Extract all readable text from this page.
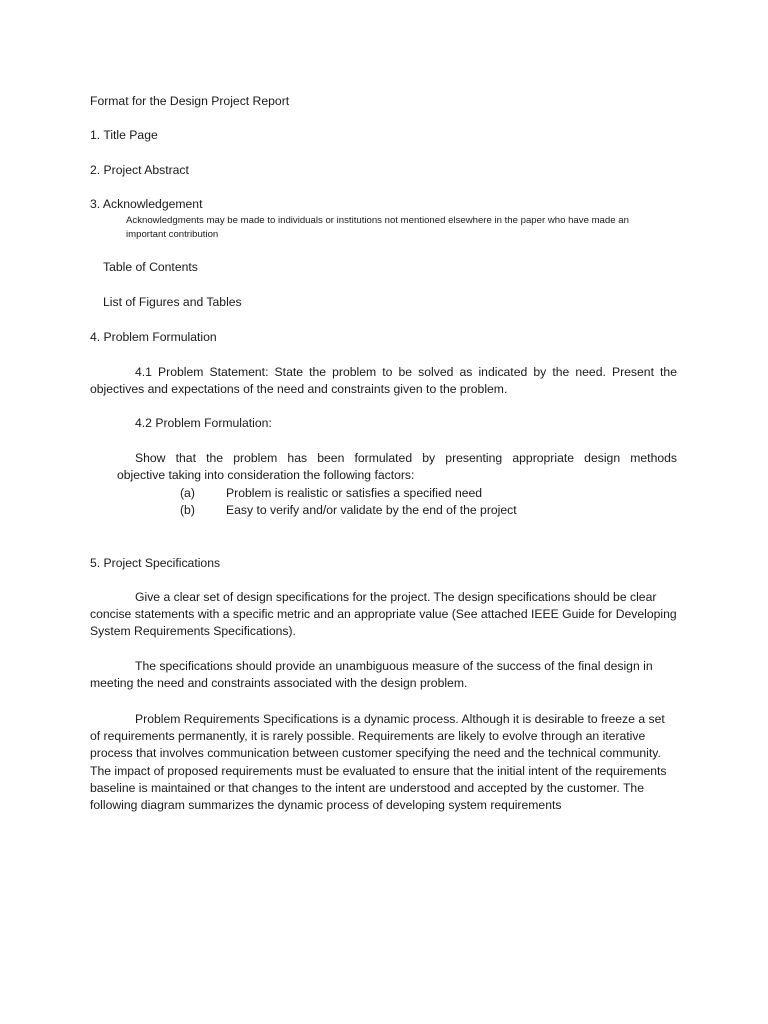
Format for the Design Project Report
1. Title Page
2. Project Abstract
3. Acknowledgement
Acknowledgments may be made to individuals or institutions not mentioned elsewhere in the paper who have made an
important contribution
Table of Contents
List of Figures and Tables
4. Problem Formulation
4.1 Problem Statement: State the problem to be solved as indicated by the need. Present the objectives and expectations of the need and constraints given to the problem.
4.2 Problem Formulation:
Show that the problem has been formulated by presenting appropriate design methods
objective taking into consideration the following factors:
(a)	Problem is realistic or satisfies a specified need
(b)	Easy to verify and/or validate by the end of the project
5. Project Specifications
Give a clear set of design specifications for the project. The design specifications should be clear concise statements with a specific metric and an appropriate value (See attached IEEE Guide for Developing System Requirements Specifications).
The specifications should provide an unambiguous measure of the success of the final design in meeting the need and constraints associated with the design problem.
Problem Requirements Specifications is a dynamic process. Although it is desirable to freeze a set of requirements permanently, it is rarely possible. Requirements are likely to evolve through an iterative process that involves communication between customer specifying the need and the technical community. The impact of proposed requirements must be evaluated to ensure that the initial intent of the requirements baseline is maintained or that changes to the intent are understood and accepted by the customer. The following diagram summarizes the dynamic process of developing system requirements
